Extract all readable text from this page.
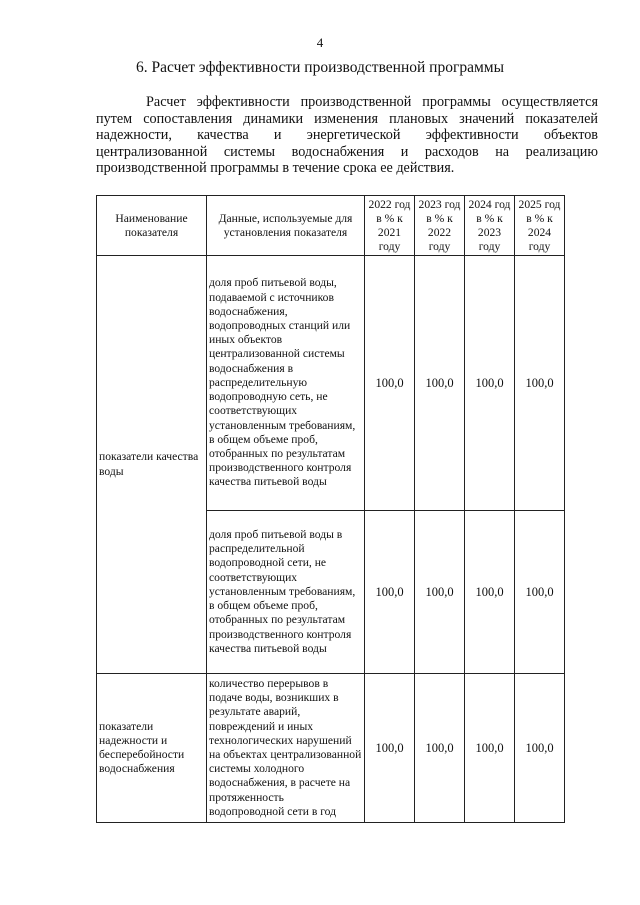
4
6. Расчет эффективности производственной программы
Расчет эффективности производственной программы осуществляется
путем сопоставления динамики изменения плановых значений показателей
надежности, качества и энергетической эффективности объектов
централизованной системы водоснабжения и расходов на реализацию
производственной программы в течение срока ее действия.
Наименование показателя	Данные, используемые для установления показателя	2022 год в % к 2021 году	2023 год в % к 2022 году	2024 год в % к 2023 году	2025 год в % к 2024 году
показатели качества воды	доля проб питьевой воды, подаваемой с источников водоснабжения, водопроводных станций или иных объектов централизованной системы водоснабжения в распределительную водопроводную сеть, не соответствующих установленным требованиям, в общем объеме проб, отобранных по результатам производственного контроля качества питьевой воды	100,0	100,0	100,0	100,0
	доля проб питьевой воды в распределительной водопроводной сети, не соответствующих установленным требованиям, в общем объеме проб, отобранных по результатам производственного контроля качества питьевой воды	100,0	100,0	100,0	100,0
показатели надежности и бесперебойности водоснабжения	количество перерывов в подаче воды, возникших в результате аварий, повреждений и иных технологических нарушений на объектах централизованной системы холодного водоснабжения, в расчете на протяженность водопроводной сети в год	100,0	100,0	100,0	100,0
